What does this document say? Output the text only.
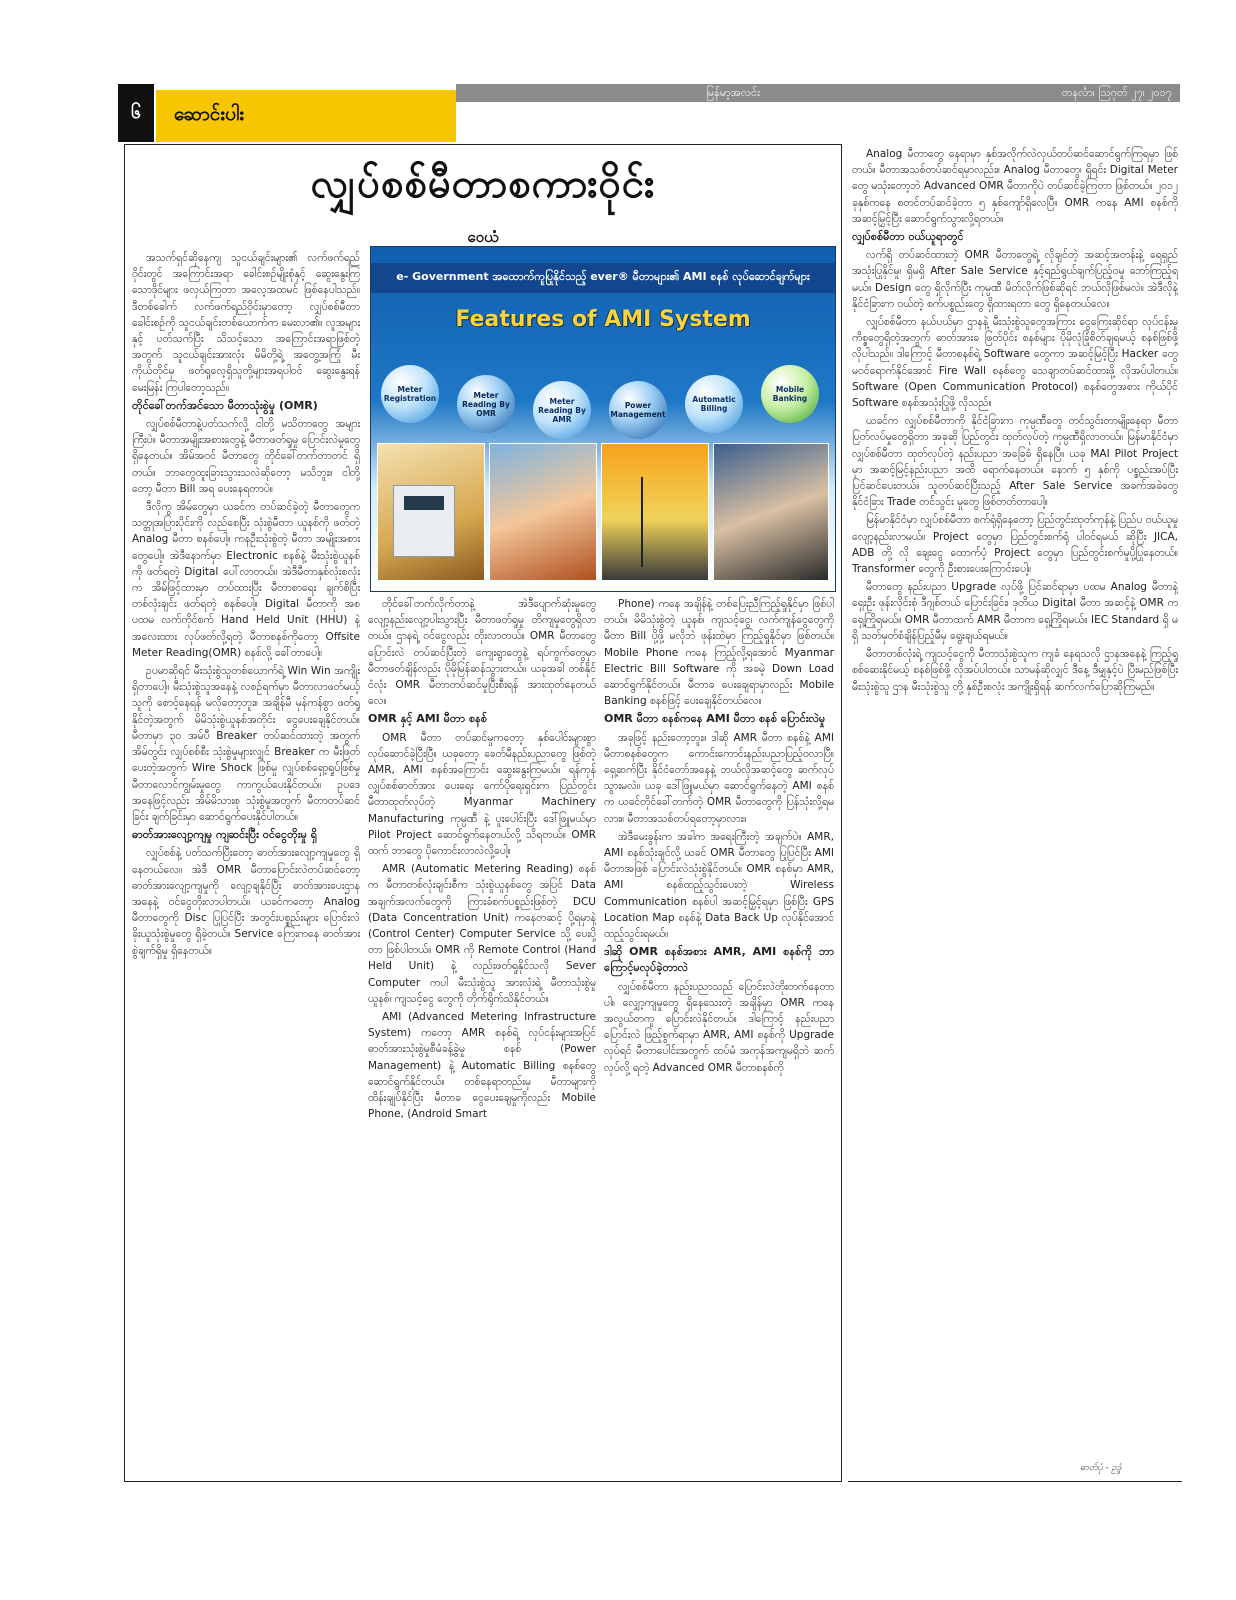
၆	ဆောင်းပါး
မြန်မာ့အလင်း	တနင်္လာ၊ ဩဂုတ် ၂၇၊ ၂၀၁၇
လျှပ်စစ်မီတာစကားဝိုင်း
ဝေယံ
e- Government အထောက်ကူပြုနိုင်သည့် ever® မီတာများ၏ AMI စနစ် လုပ်ဆောင်ချက်များ
Features of AMI System
Meter Registration	Meter Reading By OMR
Meter Reading By AMR
Power Management
Automatic Billing
Mobile Banking

အသက်ရှင်ဆိုနေကျ သူငယ်ချင်းများ၏ လက်ဖက်ရည်ဝိုင်းတွင် အကြောင်းအရာ ခေါင်းစဉ်မျိုးစုံနှင့် ဆွေးနွေးကြ သောဒိုင်များ ဖလှယ်ကြတာ အလေ့အထမင် ဖြစ်နေပါသည်။ ဒီတစ်ခေါက် လက်ဖက်ရည်ဝိုင်းမှာတော့ လျှပ်စစ်မီတာ ခေါင်းစဉ်ကို သူငယ်ချင်းတစ်ယောက်က မေးလာ၏။ လူအများနှင့် ပတ်သက်ပြီး သိသင့်သော အကြောင်းအရာဖြစ်တဲ့အတွက် သူငယ်ချင်းအားလုံး မိမိတို့ရဲ့ အတွေ့အကြုံ မီးကိုယ်တိုင်မှ ဖတ်ရှုလေ့ရှိသူတို့များအရပါဝင် ဆွေးနွေးရန် မေးမြန်း ကြပါတော့သည်။

တိုင်ခေါ်တက်အင်သော မီတာသုံးစွဲမှု (OMR)

လျှပ်စစ်မီတာနဲ့ပတ်သက်လို့ ငါတို့ မသိတာတွေ အများကြီးပဲ။ မီတာအမျိုးအစားတွေနဲ့ မီတာဖတ်ရှုမှု ပြောင်းလဲမှုတွေ ရှိနေတယ်။ အိမ်အဝင် မီတာတွေ တိုင်ခေါ်တက်တာတင် ရှိတယ်။ ဘာတွေထူးခြားသွားသလဲဆိုတော့ မသိဘူး။ ငါတို့တော့ မီတာ Bill အရ ပေးနေရတာပဲ။

ဒီလိုကွ အိမ်တွေမှာ ယခင်က တပ်ဆင်ခဲ့တဲ့ မီတာတွေက သတ္တုအပြားပိုင်းကို လည်စေပြီး သုံးစွဲမီတာ ယူနစ်ကို ဖတ်တဲ့ Analog မီတာ စနစ်ပေါ့။ ကနဦးသုံးစွဲတဲ့ မီတာ အမျိုးအစားတွေပေါ့။ အဲဒီနောက်မှာ Electronic စနစ်နဲ့ မီးသုံးစွဲယူနစ်ကို ဖတ်ရတဲ့ Digital ပေါ်လာတယ်။ အဲဒီမီတာနှစ်လုံးစလုံးက အိမ်ဖြင့်ထားမှာ တပ်ထားပြီး မီတာစာရေး ချက်စိပြီး တစ်လုံးချင်း ဖတ်ရတဲ့ စနစ်ပေါ့။ Digital မီတာကို အစပထမ လက်ကိုင်စက် Hand Held Unit (HHU) နဲ့ အလေးထား လုပ်ဖတ်လို့ရတဲ့ မီတာစနစ်ကိုတော့ Offsite Meter Reading(OMR) စနစ်လို့ ခေါ်တာပေါ့။

ဥပမာဆိုရင် မီးသုံးစွဲသူတစ်ယောက်ရဲ့ Win Win အကျိုးရှိတာပေါ့။ မီးသုံးစွဲသူအနေနဲ့ လစဉ်ရက်မှာ မီတာလာဖတ်မယ့်သူကို စောင့်နေရန် မလိုတော့ဘူး။ အချိန်မီ မှန်ကန်စွာ ဖတ်ရှုနိုင်တဲ့အတွက် မိမိသုံးစွဲယူနစ်အတိုင်း ငွေပေးချေနိုင်တယ်။ မီတာမှာ ၃၀ အမ်ပီ Breaker တပ်ဆင်ထားတဲ့ အတွက် အိမ်တွင်း လျှပ်စစ်စီး သုံးစွဲမှုများလျှင် Breaker က မီးဖြတ်ပေးတဲ့အတွက် Wire Shock ဖြစ်မှု လျှပ်စစ်ရှော့ရှုပ်ဖြစ်မှု မီတာလောင်ကျွမ်းမှုတွေ ကာကွယ်ပေးနိုင်တယ်။ ဥပဒေအနေဖြင့်လည်း အိမ်မိသားစု သုံးစွဲမှုအတွက် မီတာတပ်ဆင်ခြင်း ချက်ခြင်းမှာ ဆောင်ရွက်ပေးနိုင်ပါတယ်။

ဓာတ်အားလျော့ကျမှု ကျဆင်းပြီး ဝင်ငွေတိုးမှု ရှိ

လျှပ်စစ်နဲ့ ပတ်သက်ပြီးတော့ ဓာတ်အားလျော့ကျမှုတွေ ရှိနေတယ်လေ။ အဲဒီ OMR မီတာပြောင်းလဲတပ်ဆင်တော့ ဓာတ်အားလျော့ကျမှုကို လျော့ချနိုင်ပြီး ဓာတ်အားပေးဌာနအနေနဲ့ ဝင်ငွေတိုးလာပါတယ်။ ယခင်ကတော့ Analog မီတာတွေကို Disc ပြုပြင်ပြီး အတွင်းပစ္စည်းများ ပြောင်းလဲ ခိုးယူသုံးစွဲမှုတွေ ရှိခဲ့တယ်။ Service ကြေးကနေ ဓာတ်အား စွဲချက်ရှိမှု ရှိနေတယ်။

တိုင်ခေါ်တက်လိုက်တာနဲ့ အဲဒီပျောက်ဆုံးမှုတွေ လျော့နည်းလျော့ပါးသွားပြီး မီတာဖတ်ရှုမှု တိကျမှုတွေရှိလာတယ်။ ဌာနရဲ့ ဝင်ငွေလည်း တိုးလာတယ်။ OMR မီတာတွေ ပြောင်းလဲ တပ်ဆင်ပြီးတဲ့ ကျေးရွာတွေနဲ့ ရပ်ကွက်တွေမှာ မီတာဖတ်ချိန်လည်း ပိုမိုမြန်ဆန်သွားတယ်။ ယခုအခါ တစ်နိုင်ငံလုံး OMR မီတာတပ်ဆင်မှုပြီးစီးရန် အားထုတ်နေတယ်လေ။

OMR နှင့် AMI မီတာ စနစ်

OMR မီတာ တပ်ဆင်မှုကတော့ နှစ်ပေါင်းများစွာ လုပ်ဆောင်ခဲ့ပြီးပြီ။ ယခုတော့ ခေတ်မီနည်းပညာတွေ ဖြစ်တဲ့ AMR, AMI စနစ်အကြောင်း ဆွေးနွေးကြမယ်။ ရန်ကုန်လျှပ်စစ်ဓာတ်အား ပေးရေး ကော်ပိုရေးရှင်းက ပြည်တွင်းမီတာထုတ်လုပ်တဲ့ Myanmar Machinery Manufacturing ကုမ္ပဏီ နဲ့ ပူးပေါင်းပြီး ဒေါ်ဖြူမယ်မှာ Pilot Project ဆောင်ရွက်နေတယ်လို့ သိရတယ်။ OMR ထက် ဘာတွေ ပိုကောင်းလာလဲလို့ပေါ့။

AMR (Automatic Metering Reading) စနစ်က မီတာတစ်လုံးချင်းစီက သုံးစွဲယူနစ်တွေ အပြင် Data အချက်အလက်တွေကို ကြားခံစက်ပစ္စည်းဖြစ်တဲ့ DCU (Data Concentration Unit) ကနေတဆင့် ပို့ရမှာနဲ့ (Control Center) Computer Service သို့ ပေးပို့တာ ဖြစ်ပါတယ်။ OMR ကို Remote Control (Hand Held Unit) နဲ့ လည်းဖတ်ရှုနိုင်သလို Sever Computer ကပါ မီးသုံးစွဲသူ အားလုံးရဲ့ မီတာသုံးစွဲမှု ယူနစ်၊ ကျသင့်ငွေ တွေကို တိုက်ရိုက်သိနိုင်တယ်။

AMI (Advanced Metering Infrastructure System) ကတော့ AMR စနစ်ရဲ့ လုပ်ငန်းများအပြင် ဓာတ်အားသုံးစွဲမှုစီမံခန့်ခွဲမှု စနစ် (Power Management) နဲ့ Automatic Billing စနစ်တွေ ဆောင်ရွက်နိုင်တယ်။ တစ်နေရာတည်းမှ မီတာများကို ထိန်းချုပ်နိုင်ပြီး မီတာခ ငွေပေးချေမှုကိုလည်း Mobile Phone, (Android Smart

Phone) ကနေ အချိန်နဲ့ တစ်ပြေးညီကြည့်ရှုနိုင်မှာ ဖြစ်ပါတယ်။ မိမိသုံးစွဲတဲ့ ယူနစ်၊ ကျသင့်ငွေ၊ လက်ကျန်ငွေတွေကို မီတာ Bill ပို့ဖို့ မလိုဘဲ ဖုန်းထဲမှာ ကြည့်ရှုနိုင်မှာ ဖြစ်တယ်။ Mobile Phone ကနေ ကြည့်လို့ရအောင် Myanmar Electric Bill Software ကို အခမဲ့ Down Load ဆောင်ရွက်နိုင်တယ်။ မီတာခ ပေးချေရာမှာလည်း Mobile Banking စနစ်ဖြင့် ပေးချေနိုင်တယ်လေ။

OMR မီတာ စနစ်ကနေ AMI မီတာ စနစ် ပြောင်းလဲမှု

အခုဖြင့် နည်းတော့ဘူး။ ဒါဆို AMR မီတာ စနစ်နဲ့ AMI မီတာစနစ်တွေက ကောင်းကောင်းနည်းပညာပြည့်ဝလာပြီ။ ရှေ့ဆက်ပြီး နိုင်ငံတော်အနေနဲ့ ဘယ်လိုအဆင့်တွေ ဆက်လုပ်သွားမလဲ။ ယခု ဒေါ်ဖြူမယ်မှာ ဆောင်ရွက်နေတဲ့ AMI စနစ်က ယခင်တိုင်ခေါ်တက်တဲ့ OMR မီတာတွေကို ပြန်သုံးလို့ရမလား။ မီတာအသစ်တပ်ရတော့မှာလား။

အဲဒီမေးခွန်းက အခါက အရေးကြီးတဲ့ အချက်ပဲ။ AMR, AMI စနစ်သုံးချင်လို့ ယခင် OMR မီတာတွေ ပြုပြင်ပြီး AMI မီတာအဖြစ် ပြောင်းလဲသုံးစွဲနိုင်တယ်။ OMR စနစ်မှာ AMR, AMI စနစ်ထည့်သွင်းပေးတဲ့ Wireless Communication စနစ်ပါ အဆင့်မြှင့်ရမှာ ဖြစ်ပြီး GPS Location Map စနစ်နဲ့ Data Back Up လုပ်နိုင်အောင် ထည့်သွင်းရမယ်။

ဒါဆို OMR စနစ်အစား AMR, AMI စနစ်ကို ဘာကြောင့်မလုပ်ခဲ့တာလဲ

လျှပ်စစ်မီတာ နည်းပညာသည် ပြောင်းလဲတိုးတက်နေတာပါ။ လျှော့ကျမှုတွေ ရှိနေသေးတဲ့ အချိန်မှာ OMR ကနေ အလွယ်တကူ ပြောင်းလဲနိုင်တယ်။ ဒါကြောင့် နည်းပညာ ပြောင်းလဲ ဖြည့်စွက်ရာမှာ AMR, AMI စနစ်ကို Upgrade လုပ်ရင် မီတာပေါင်းအတွက် ထပ်မံ အကုန်အကျမရှိဘဲ ဆက်လုပ်လို့ ရတဲ့ Advanced OMR မီတာစနစ်ကို

Analog မီတာတွေ နေရာမှာ နှစ်အလိုက်လဲလှယ်တပ်ဆင်ဆောင်ရွက်ကြရမှာ ဖြစ်တယ်။ မီတာအသစ်တပ်ဆင်ရမှာလည်း။ Analog မီတာတွေ၊ ရှိရင်း Digital Meter တွေ မသုံးတော့ဘဲ Advanced OMR မီတာကိုပဲ တပ်ဆင်ခဲ့ကြတာ ဖြစ်တယ်။ ၂၀၁၂ ခုနှစ်ကနေ စတင်တပ်ဆင်ခဲ့တာ ၅ နှစ်ကျော်ရှိလေပြီ။ OMR ကနေ AMI စနစ်ကို အဆင့်မြှင့်ပြီး ဆောင်ရွက်သွားလို့ရတယ်။

လျှပ်စစ်မီတာ ဝယ်ယူရာတွင်

လက်ရှိ တပ်ဆင်ထားတဲ့ OMR မီတာတွေရဲ့ လိုချင်တဲ့ အဆင့်အတန်းနဲ့ ရေရှည်အသုံးပြုနိုင်မှု၊ ရှိမရှိ After Sale Service နှင့်ရည်ရွယ်ချက်ပြည့်ဝမှု ဘော်ကြည့်ရမယ်။ Design တွေ ရှိလိုက်ပြီး ကုမ္ပဏီ မိတ်လိုက်ဖြစ်ဆိုရင် ဘယ်လိုဖြစ်မလဲ။ အဲဒီလိုနဲ့ နိုင်ငံခြားက ဝယ်တဲ့ စက်ပစ္စည်းတွေ ရှိထားရတာ တွေ ရှိနေတယ်လေ။

လျှပ်စစ်မီတာ နယ်ပယ်မှာ ဌာနနဲ့ မီးသုံးစွဲသူတွေအကြား ငွေကြေးဆိုင်ရာ လုပ်ငန်းမှု ကိစ္စတွေရှိတဲ့အတွက် ဓာတ်အားခ ဖြတ်ပိုင်း စနစ်များ ပိုမိုလုံခြုံစိတ်ချရမယ့် စနစ်ဖြစ်ဖို့ လိုပါသည်။ ဒါကြောင့် မီတာစနစ်ရဲ့ Software တွေကာ အဆင့်မြင့်ပြီး Hacker တွေ မဝင်ရောက်နိုင်အောင် Fire Wall စနစ်တွေ သေချာတပ်ဆင်ထားဖို့ လိုအပ်ပါတယ်။ Software (Open Communication Protocol) စနစ်တွေအစား ကိုယ်ပိုင် Software စနစ်အသုံးပြုဖို့ လိုသည်။

ယခင်က လျှပ်စစ်မီတာကို နိုင်ငံခြားက ကုမ္ပဏီတွေ တင်သွင်းတာမျိုးနေရာ မီတာပြတ်လပ်မှုတွေရှိတာ အခုဆို ပြည်တွင်း ထုတ်လုပ်တဲ့ ကုမ္ပဏီရှိလာတယ်။ မြန်မာနိုင်ငံမှာ လျှပ်စစ်မီတာ ထုတ်လုပ်တဲ့ နည်းပညာ အခြေခံ ရှိနေပြီ။ ယခု MAI Pilot Project မှာ အဆင့်မြင့်နည်းပညာ အထိ ရောက်နေတယ်။ နောက် ၅ နှစ်ကို ပစ္စည်းအပ်ပြီး ပြင်ဆင်ပေးတယ်။ သူတပ်ဆင်ပြီးသည့် After Sale Service အခက်အခဲတွေ နိုင်ငံခြား Trade တင်သွင်း မှုတွေ ဖြစ်တတ်တာပေါ့။

မြန်မာနိုင်ငံမှာ လျှပ်စစ်မီတာ စက်ရုံရှိနေတော့ ပြည်တွင်းထုတ်ကုန်နဲ့ ပြည်ပ ဝယ်ယူမှု လျော့နည်းလာမယ်။ Project တွေမှာ ပြည်တွင်းစက်ရုံ ပါဝင်ရမယ် ဆိုပြီး JICA, ADB တို့ လို ချေးငွေ ထောက်ပံ့ Project တွေမှာ ပြည်တွင်းစက်မှုပို့ပြုနေတယ်။ Transformer တွေကို ဦးစားပေးကြောင်းပေါ့။

မီတာတွေ နည်းပညာ Upgrade လုပ်ဖို့ ပြင်ဆင်ရာမှာ ပထမ Analog မီတာနဲ့ ရှေးဦး ဖုန်းလိုင်းစုံ ဒီဂျစ်တယ် ပြောင်းခြင်း၊ ဒုတိယ Digital မီတာ အဆင့်နဲ့ OMR က ရှေ့ကြိုရမယ်။ OMR မီတာထက် AMR မီတာက ရှေ့ကြိုရမယ်။ IEC Standard ရှိ မရှိ သတ်မှတ်စံချိန်ပြည့်မီမှ ရွေးချယ်ရမယ်။

မီတာတစ်လုံးရဲ့ ကျသင့်ငွေကို မီတာသုံးစွဲသူက ကျခံ နေရသလို ဌာနအနေနဲ့ ကြည့်ရှုစစ်ဆေးနိုင်မယ့် စနစ်ဖြစ်ဖို့ လိုအပ်ပါတယ်။ သာမန်ဆိုလျှင် ဒီနေ့ ဒီမျှနှင့်ပဲ ပြီးမည်ဖြစ်ပြီး မီးသုံးစွဲသူ ဌာန မီးသုံးစွဲသူ တို့ နှစ်ဦးစလုံး အကျိုးရှိရန် ဆက်လက်ပြောဆိုကြမည်။

ဓာတ်ပုံ - ဥဒ္ဒံ
